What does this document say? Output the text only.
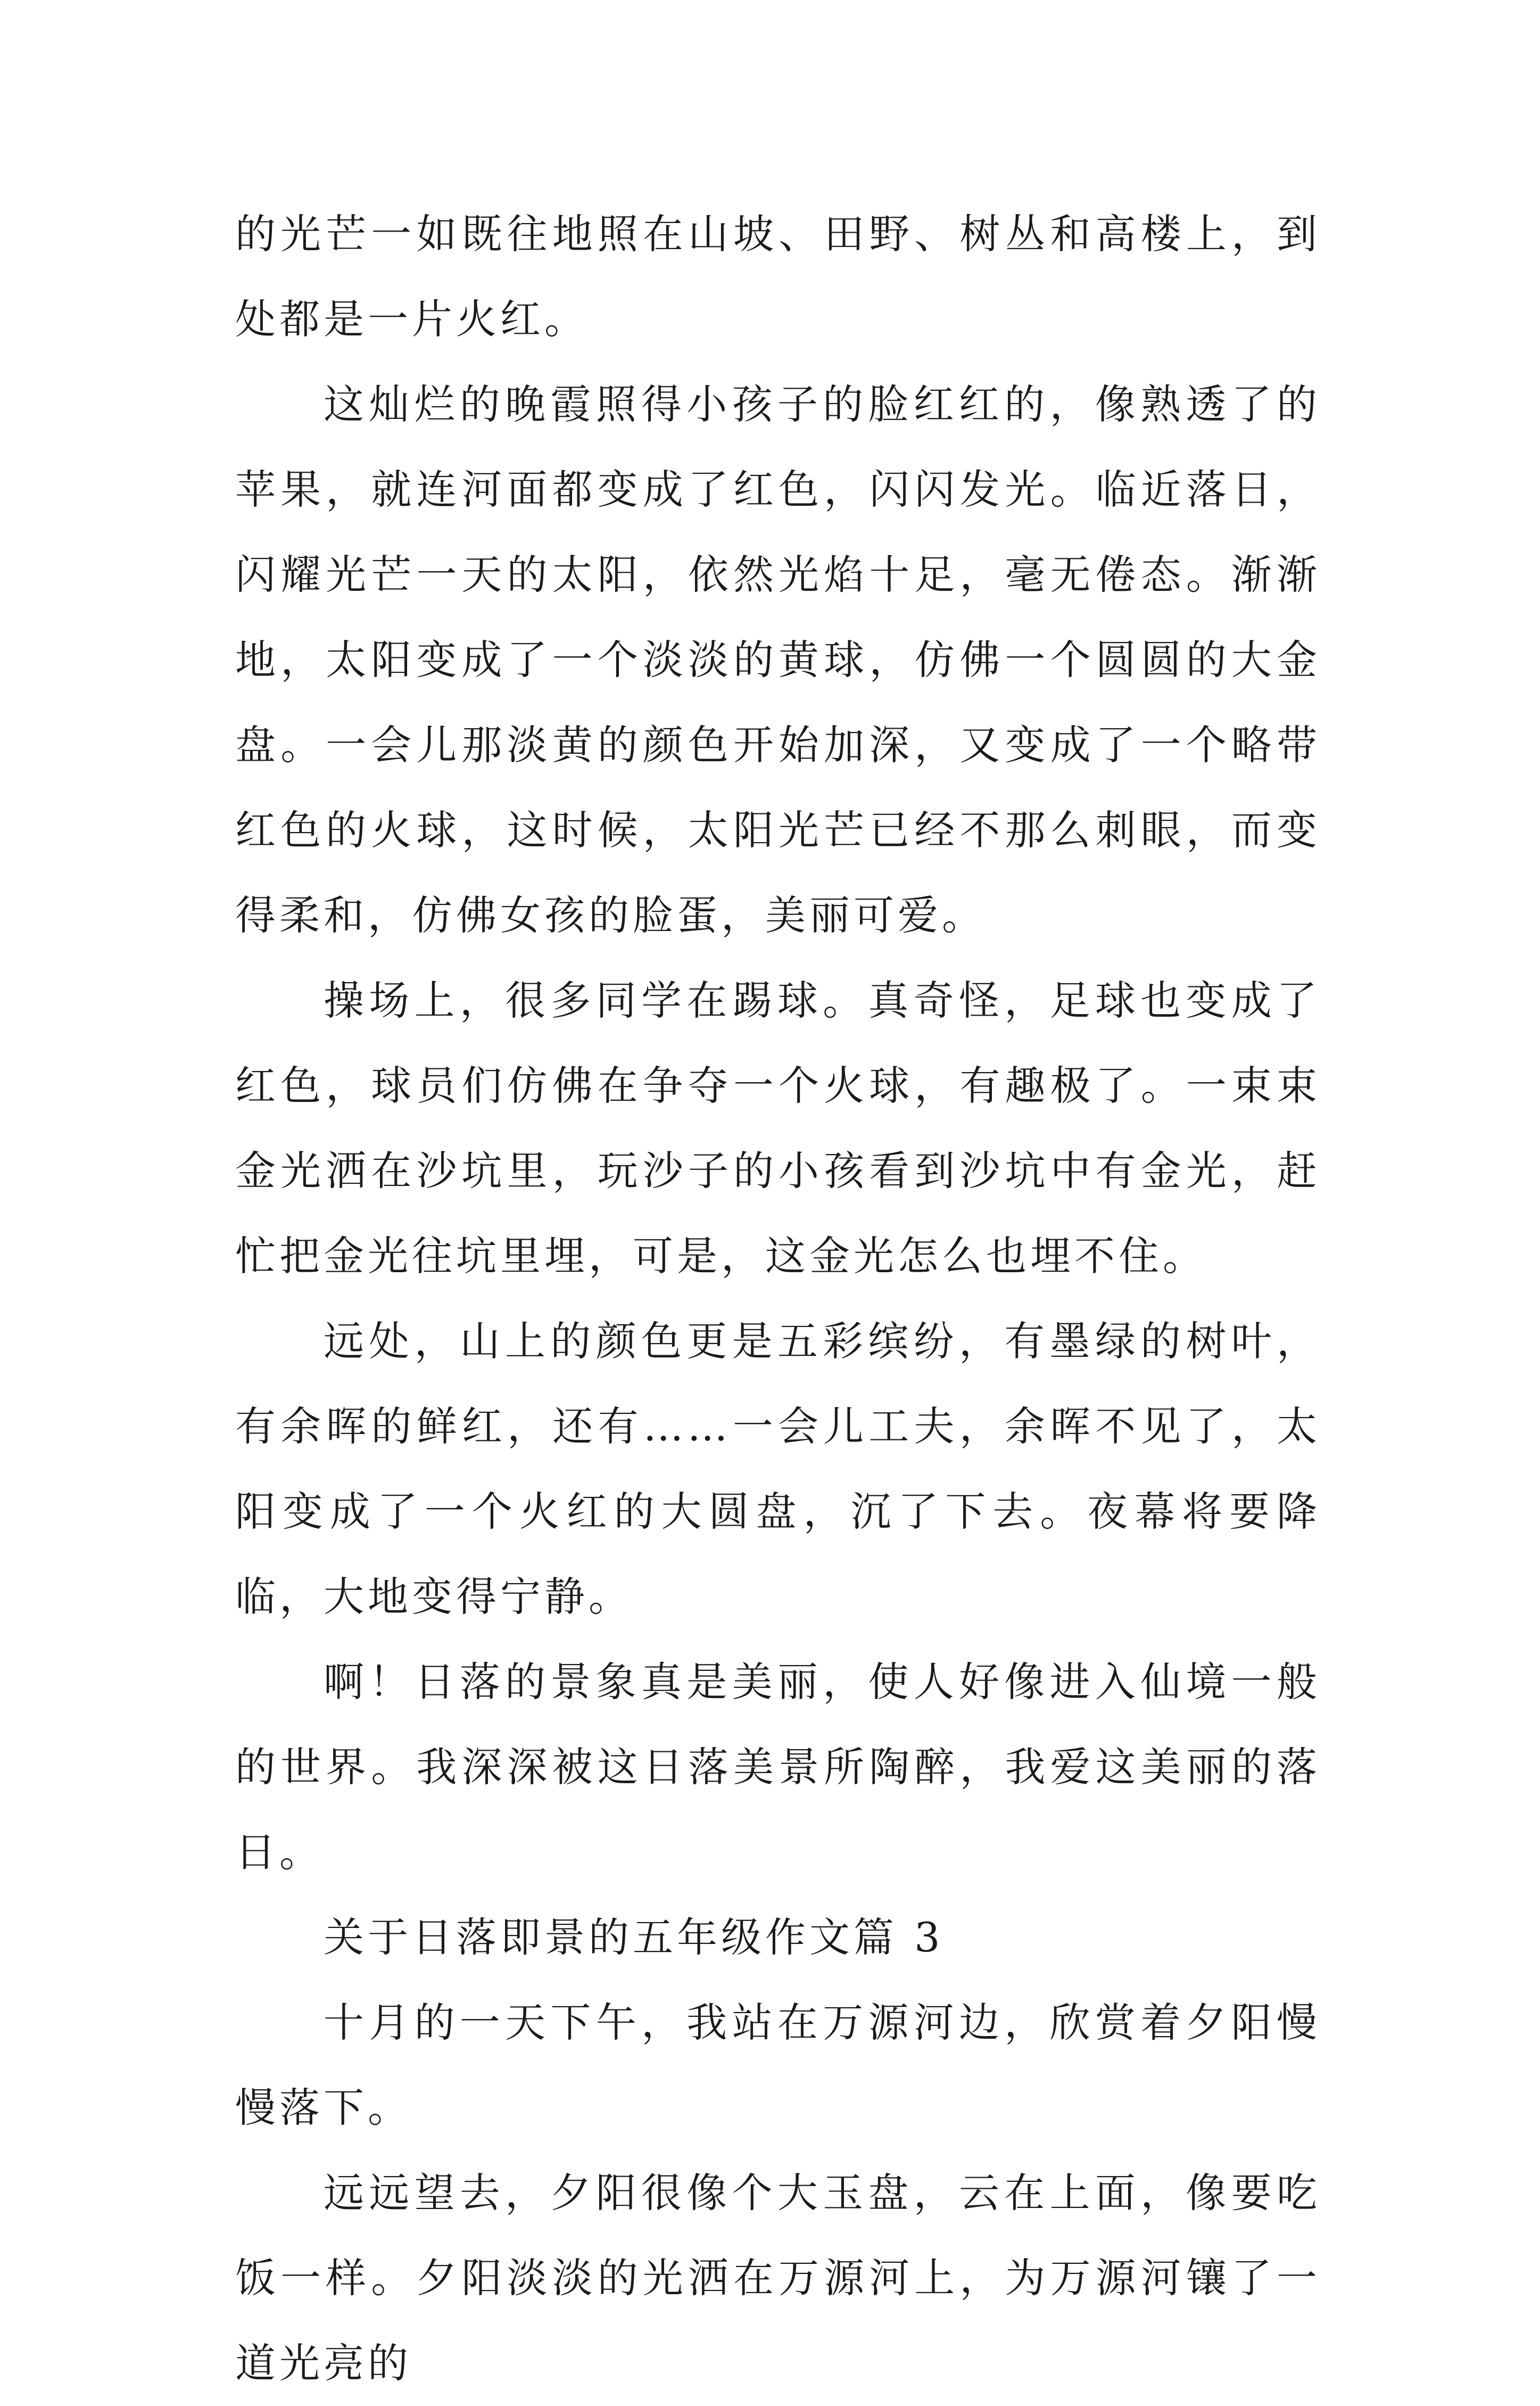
的光芒一如既往地照在山坡、田野、树丛和高楼上，到处都是一片火红。

这灿烂的晚霞照得小孩子的脸红红的，像熟透了的苹果，就连河面都变成了红色，闪闪发光。临近落日，闪耀光芒一天的太阳，依然光焰十足，毫无倦态。渐渐地，太阳变成了一个淡淡的黄球，仿佛一个圆圆的大金盘。一会儿那淡黄的颜色开始加深，又变成了一个略带红色的火球，这时候，太阳光芒已经不那么刺眼，而变得柔和，仿佛女孩的脸蛋，美丽可爱。

操场上，很多同学在踢球。真奇怪，足球也变成了红色，球员们仿佛在争夺一个火球，有趣极了。一束束金光洒在沙坑里，玩沙子的小孩看到沙坑中有金光，赶忙把金光往坑里埋，可是，这金光怎么也埋不住。

远处，山上的颜色更是五彩缤纷，有墨绿的树叶，有余晖的鲜红，还有……一会儿工夫，余晖不见了，太阳变成了一个火红的大圆盘，沉了下去。夜幕将要降临，大地变得宁静。

啊！日落的景象真是美丽，使人好像进入仙境一般的世界。我深深被这日落美景所陶醉，我爱这美丽的落日。

关于日落即景的五年级作文篇 3

十月的一天下午，我站在万源河边，欣赏着夕阳慢慢落下。

远远望去，夕阳很像个大玉盘，云在上面，像要吃饭一样。夕阳淡淡的光洒在万源河上，为万源河镶了一道光亮的
